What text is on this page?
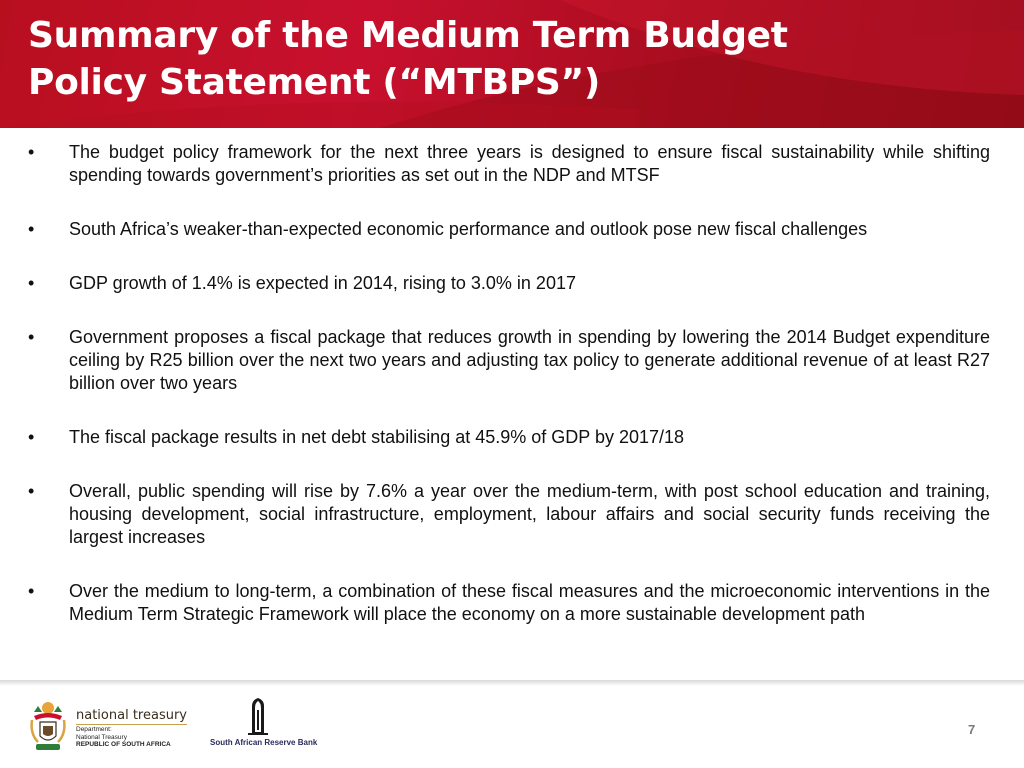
Summary of the Medium Term Budget
Policy Statement (“MTBPS”)
• The budget policy framework for the next three years is designed to ensure fiscal sustainability while shifting spending towards government’s priorities as set out in the NDP and MTSF
• South Africa’s weaker-than-expected economic performance and outlook pose new fiscal challenges
• GDP growth of 1.4% is expected in 2014, rising to 3.0% in 2017
• Government proposes a fiscal package that reduces growth in spending by lowering the 2014 Budget expenditure ceiling by R25 billion over the next two years and adjusting tax policy to generate additional revenue of at least R27 billion over two years
• The fiscal package results in net debt stabilising at 45.9% of GDP by 2017/18
• Overall, public spending will rise by 7.6% a year over the medium-term, with post school education and training, housing development, social infrastructure, employment, labour affairs and social security funds receiving the largest increases
• Over the medium to long-term, a combination of these fiscal measures and the microeconomic interventions in the Medium Term Strategic Framework will place the economy on a more sustainable development path
national treasury
Department:
National Treasury
REPUBLIC OF SOUTH AFRICA	South African Reserve Bank
7
